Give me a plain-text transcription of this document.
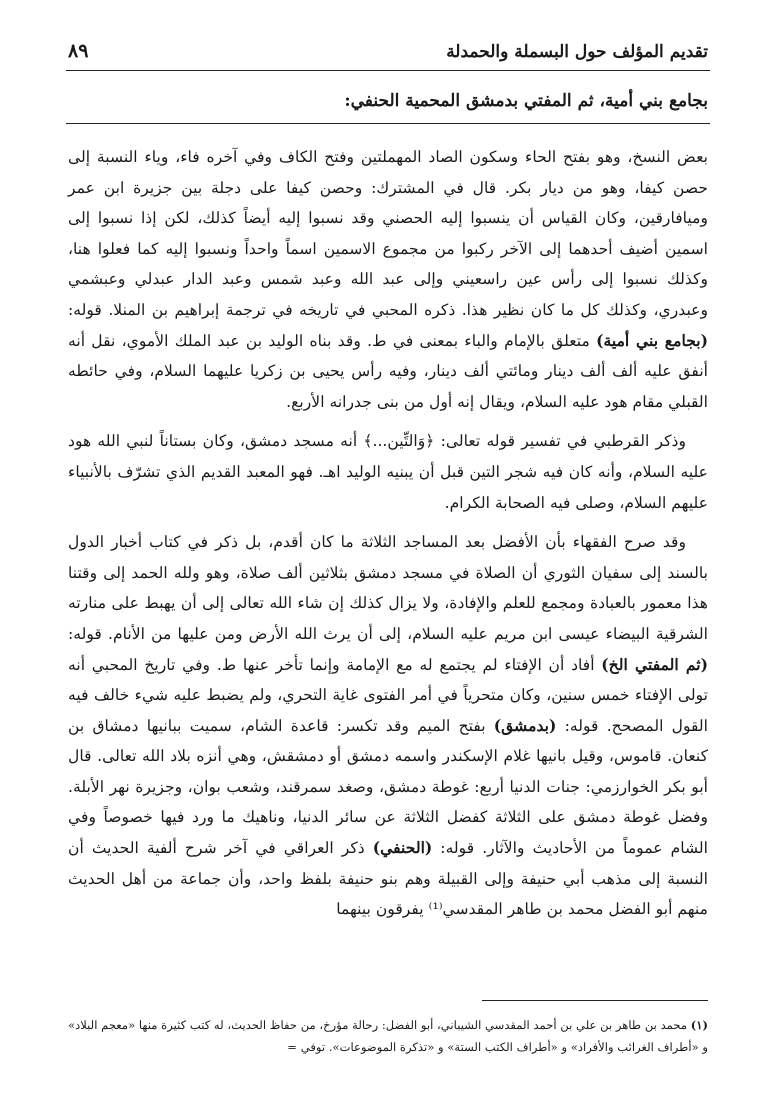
تقديم المؤلف حول البسملة والحمدلة
٨٩
بجامع بني أمية، ثم المفتي بدمشق المحمية الحنفي:

بعض النسخ، وهو بفتح الحاء وسكون الصاد المهملتين وفتح الكاف وفي آخره فاء، وياء النسبة إلى حصن كيفا، وهو من ديار بكر. قال في المشترك: وحصن كيفا على دجلة بين جزيرة ابن عمر وميافارقين، وكان القياس أن ينسبوا إليه الحصني وقد نسبوا إليه أيضاً كذلك، لكن إذا نسبوا إلى اسمين أضيف أحدهما إلى الآخر ركبوا من مجموع الاسمين اسماً واحداً ونسبوا إليه كما فعلوا هنا، وكذلك نسبوا إلى رأس عين راسعيني وإلى عبد الله وعبد شمس وعبد الدار عبدلي وعبشمي وعبدري، وكذلك كل ما كان نظير هذا. ذكره المحبي في تاريخه في ترجمة إبراهيم بن المنلا. قوله: (بجامع بني أمية) متعلق بالإمام والباء بمعنى في ط. وقد بناه الوليد بن عبد الملك الأموي، نقل أنه أنفق عليه ألف ألف دينار ومائتي ألف دينار، وفيه رأس يحيى بن زكريا عليهما السلام، وفي حائطه القبلي مقام هود عليه السلام، ويقال إنه أول من بنى جدرانه الأربع.

وذكر القرطبي في تفسير قوله تعالى: ﴿وَالتِّين...﴾ أنه مسجد دمشق، وكان بستاناً لنبي الله هود عليه السلام، وأنه كان فيه شجر التين قبل أن يبنيه الوليد اهـ. فهو المعبد القديم الذي تشرّف بالأنبياء عليهم السلام، وصلى فيه الصحابة الكرام.

وقد صرح الفقهاء بأن الأفضل بعد المساجد الثلاثة ما كان أقدم، بل ذكر في كتاب أخبار الدول بالسند إلى سفيان الثوري أن الصلاة في مسجد دمشق بثلاثين ألف صلاة، وهو ولله الحمد إلى وقتنا هذا معمور بالعبادة ومجمع للعلم والإفادة، ولا يزال كذلك إن شاء الله تعالى إلى أن يهبط على منارته الشرقية البيضاء عيسى ابن مريم عليه السلام، إلى أن يرث الله الأرض ومن عليها من الأنام. قوله: (ثم المفتي الخ) أفاد أن الإفتاء لم يجتمع له مع الإمامة وإنما تأخر عنها ط. وفي تاريخ المحبي أنه تولى الإفتاء خمس سنين، وكان متحرياً في أمر الفتوى غاية التحري، ولم يضبط عليه شيء خالف فيه القول المصحح. قوله: (بدمشق) بفتح الميم وقد تكسر: قاعدة الشام، سميت ببانيها دمشاق بن كنعان. قاموس، وقيل بانيها غلام الإسكندر واسمه دمشق أو دمشقش، وهي أنزه بلاد الله تعالى. قال أبو بكر الخوارزمي: جنات الدنيا أربع: غوطة دمشق، وصغد سمرقند، وشعب بوان، وجزيرة نهر الأبلة. وفضل غوطة دمشق على الثلاثة كفضل الثلاثة عن سائر الدنيا، وناهيك ما ورد فيها خصوصاً وفي الشام عموماً من الأحاديث والآثار. قوله: (الحنفي) ذكر العراقي في آخر شرح ألفية الحديث أن النسبة إلى مذهب أبي حنيفة وإلى القبيلة وهم بنو حنيفة بلفظ واحد، وأن جماعة من أهل الحديث منهم أبو الفضل محمد بن طاهر المقدسي⁽¹⁾ يفرقون بينهما

(١) محمد بن طاهر بن علي بن أحمد المقدسي الشيباني، أبو الفضل: رحالة مؤرخ، من حفاظ الحديث، له كتب كثيرة منها «معجم البلاد» و «أطراف الغرائب والأفراد» و «أطراف الكتب الستة» و «تذكرة الموضوعات». توفي =
